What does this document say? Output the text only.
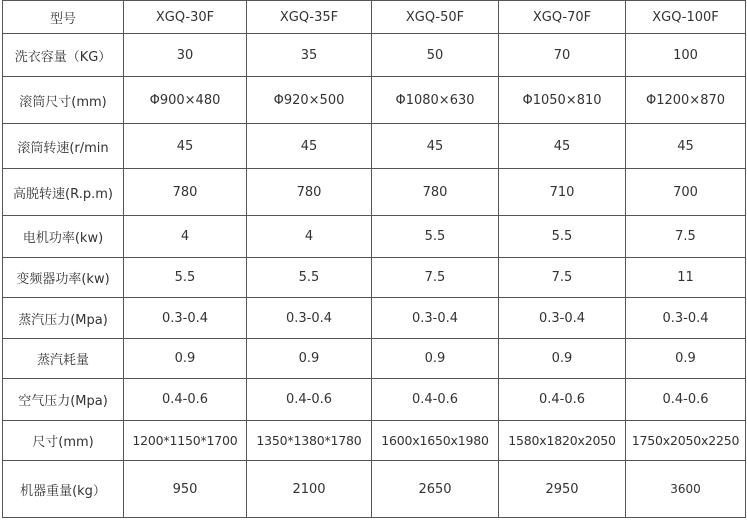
型号	XGQ-30F	XGQ-35F	XGQ-50F	XGQ-70F	XGQ-100F
洗衣容量（KG）	30	35	50	70	100
滚筒尺寸(mm)	Φ900×480	Φ920×500	Φ1080×630	Φ1050×810	Φ1200×870
滚筒转速(r/min	45	45	45	45	45
高脱转速(R.p.m)	780	780	780	710	700
电机功率(kw)	4	4	5.5	5.5	7.5
变频器功率(kw)	5.5	5.5	7.5	7.5	11
蒸汽压力(Mpa)	0.3-0.4	0.3-0.4	0.3-0.4	0.3-0.4	0.3-0.4
蒸汽耗量	0.9	0.9	0.9	0.9	0.9
空气压力(Mpa)	0.4-0.6	0.4-0.6	0.4-0.6	0.4-0.6	0.4-0.6
尺寸(mm)	1200*1150*1700	1350*1380*1780	1600x1650x1980	1580x1820x2050	1750x2050x2250
机器重量(kg）	950	2100	2650	2950	3600
